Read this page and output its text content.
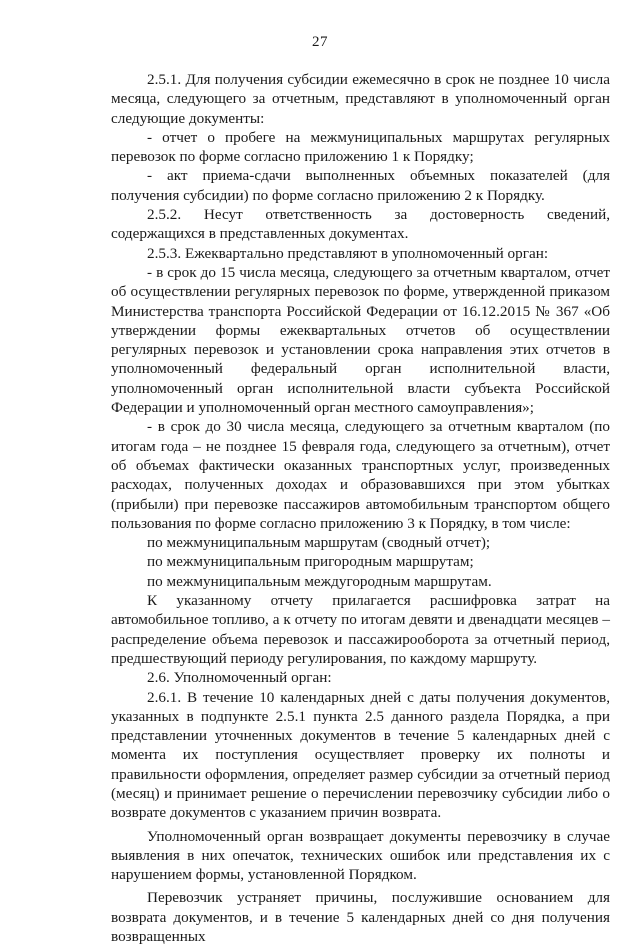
27

2.5.1. Для получения субсидии ежемесячно в срок не позднее 10 числа месяца, следующего за отчетным, представляют в уполномоченный орган следующие документы:

- отчет о пробеге на межмуниципальных маршрутах регулярных перевозок по форме согласно приложению 1 к Порядку;

- акт приема-сдачи выполненных объемных показателей (для получения субсидии) по форме согласно приложению 2 к Порядку.

2.5.2. Несут ответственность за достоверность сведений, содержащихся в представленных документах.

2.5.3. Ежеквартально представляют в уполномоченный орган:

- в срок до 15 числа месяца, следующего за отчетным кварталом, отчет об осуществлении регулярных перевозок по форме, утвержденной приказом Министерства транспорта Российской Федерации от 16.12.2015 № 367 «Об утверждении формы ежеквартальных отчетов об осуществлении регулярных перевозок и установлении срока направления этих отчетов в уполномоченный федеральный орган исполнительной власти, уполномоченный орган исполнительной власти субъекта Российской Федерации и уполномоченный орган местного самоуправления»;

- в срок до 30 числа месяца, следующего за отчетным кварталом (по итогам года – не позднее 15 февраля года, следующего за отчетным), отчет об объемах фактически оказанных транспортных услуг, произведенных расходах, полученных доходах и образовавшихся при этом убытках (прибыли) при перевозке пассажиров автомобильным транспортом общего пользования по форме согласно приложению 3 к Порядку, в том числе:

по межмуниципальным маршрутам (сводный отчет);

по межмуниципальным пригородным маршрутам;

по межмуниципальным междугородным маршрутам.

К указанному отчету прилагается расшифровка затрат на автомобильное топливо, а к отчету по итогам девяти и двенадцати месяцев – распределение объема перевозок и пассажирооборота за отчетный период, предшествующий периоду регулирования, по каждому маршруту.

2.6. Уполномоченный орган:

2.6.1. В течение 10 календарных дней с даты получения документов, указанных в подпункте 2.5.1 пункта 2.5 данного раздела Порядка, а при представлении уточненных документов в течение 5 календарных дней с момента их поступления осуществляет проверку их полноты и правильности оформления, определяет размер субсидии за отчетный период (месяц) и принимает решение о перечислении перевозчику субсидии либо о возврате документов с указанием причин возврата.

Уполномоченный орган возвращает документы перевозчику в случае выявления в них опечаток, технических ошибок или представления их с нарушением формы, установленной Порядком.

Перевозчик устраняет причины, послужившие основанием для возврата документов, и в течение 5 календарных дней со дня получения возвращенных
